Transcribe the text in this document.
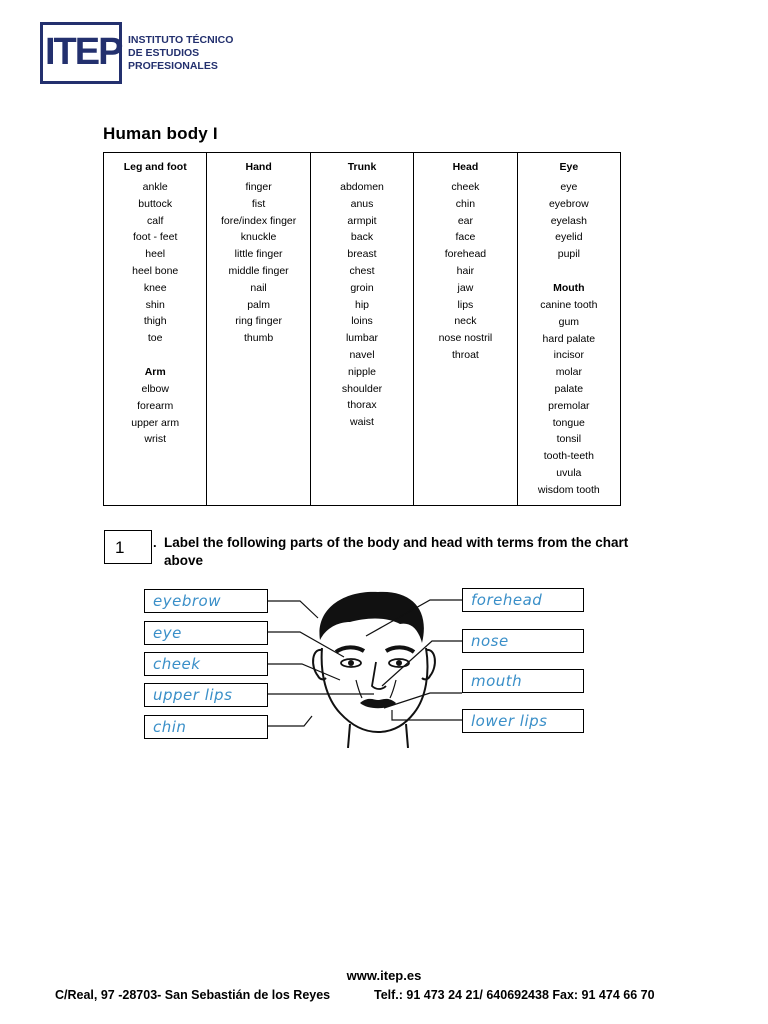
ITEP INSTITUTO TÉCNICO
DE ESTUDIOS
PROFESIONALES
Human body I
Leg and foot
ankle
buttock
calf
foot - feet
heel
heel bone
knee
shin
thigh
toe
Arm
elbow
forearm
upper arm
wrist
Hand
finger
fist
fore/index finger
knuckle
little finger
middle finger
nail
palm
ring finger
thumb
Trunk
abdomen
anus
armpit
back
breast
chest
groin
hip
loins
lumbar
navel
nipple
shoulder
thorax
waist
Head
cheek
chin
ear
face
forehead
hair
jaw
lips
neck
nose nostril
throat
Eye
eye
eyebrow
eyelash
eyelid
pupil
Mouth
canine tooth
gum
hard palate
incisor
molar
palate
premolar
tongue
tonsil
tooth-teeth
uvula
wisdom tooth
1	. Label the following parts of the body and head with terms from the chart above
eyebrow
eye
cheek
upper lips
chin
forehead
nose
mouth
lower lips
www.itep.es
C/Real, 97 -28703- San Sebastián de los Reyes	Telf.: 91 473 24 21/ 640692438 Fax: 91 474 66 70
